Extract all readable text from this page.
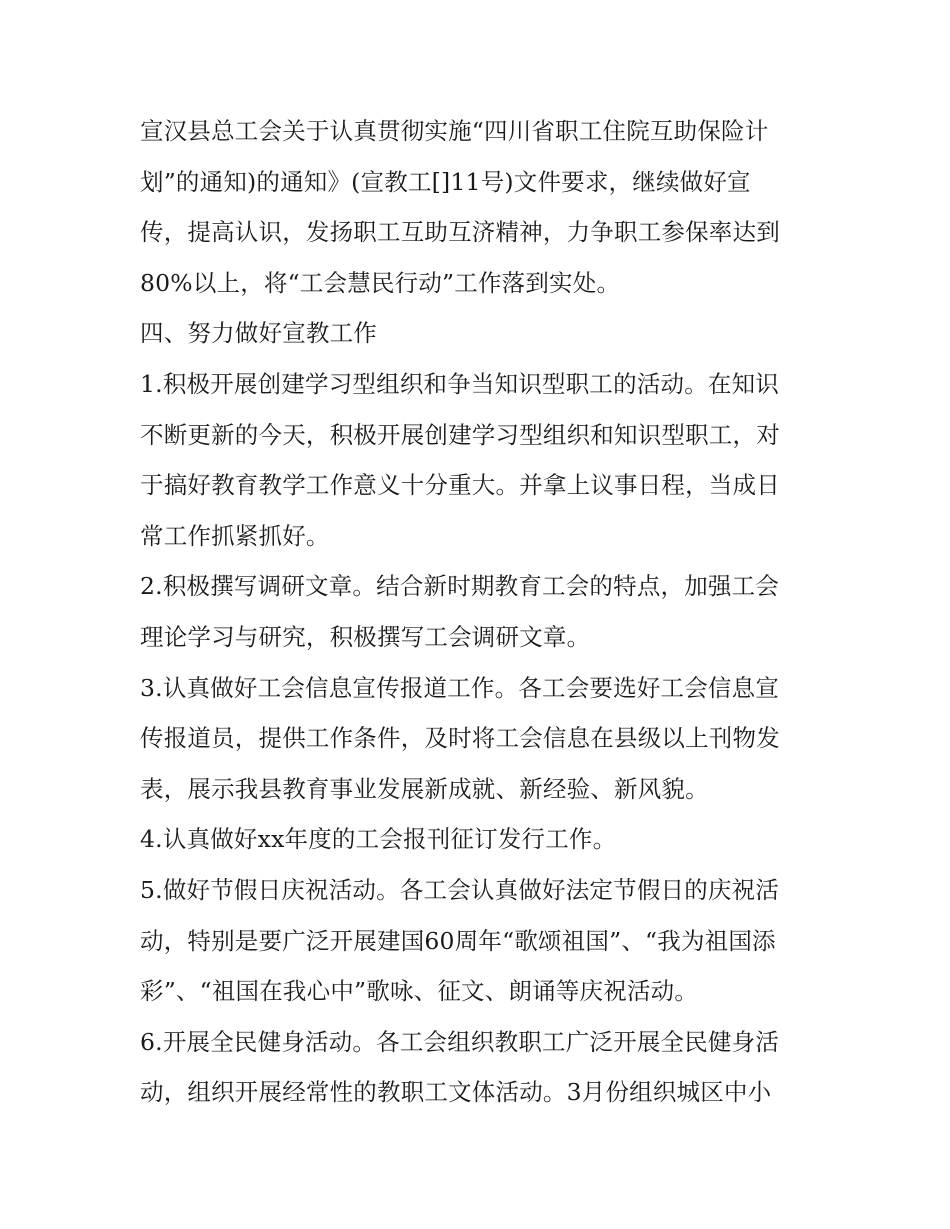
宣汉县总工会关于认真贯彻实施“四川省职工住院互助保险计
划”的通知)的通知》(宣教工[]11号)文件要求，继续做好宣
传，提高认识，发扬职工互助互济精神，力争职工参保率达到
80%以上，将“工会慧民行动”工作落到实处。
四、努力做好宣教工作
1.积极开展创建学习型组织和争当知识型职工的活动。在知识
不断更新的今天，积极开展创建学习型组织和知识型职工，对
于搞好教育教学工作意义十分重大。并拿上议事日程，当成日
常工作抓紧抓好。
2.积极撰写调研文章。结合新时期教育工会的特点，加强工会
理论学习与研究，积极撰写工会调研文章。
3.认真做好工会信息宣传报道工作。各工会要选好工会信息宣
传报道员，提供工作条件，及时将工会信息在县级以上刊物发
表，展示我县教育事业发展新成就、新经验、新风貌。
4.认真做好xx年度的工会报刊征订发行工作。
5.做好节假日庆祝活动。各工会认真做好法定节假日的庆祝活
动，特别是要广泛开展建国60周年“歌颂祖国”、“我为祖国添
彩”、“祖国在我心中”歌咏、征文、朗诵等庆祝活动。
6.开展全民健身活动。各工会组织教职工广泛开展全民健身活
动，组织开展经常性的教职工文体活动。3月份组织城区中小
